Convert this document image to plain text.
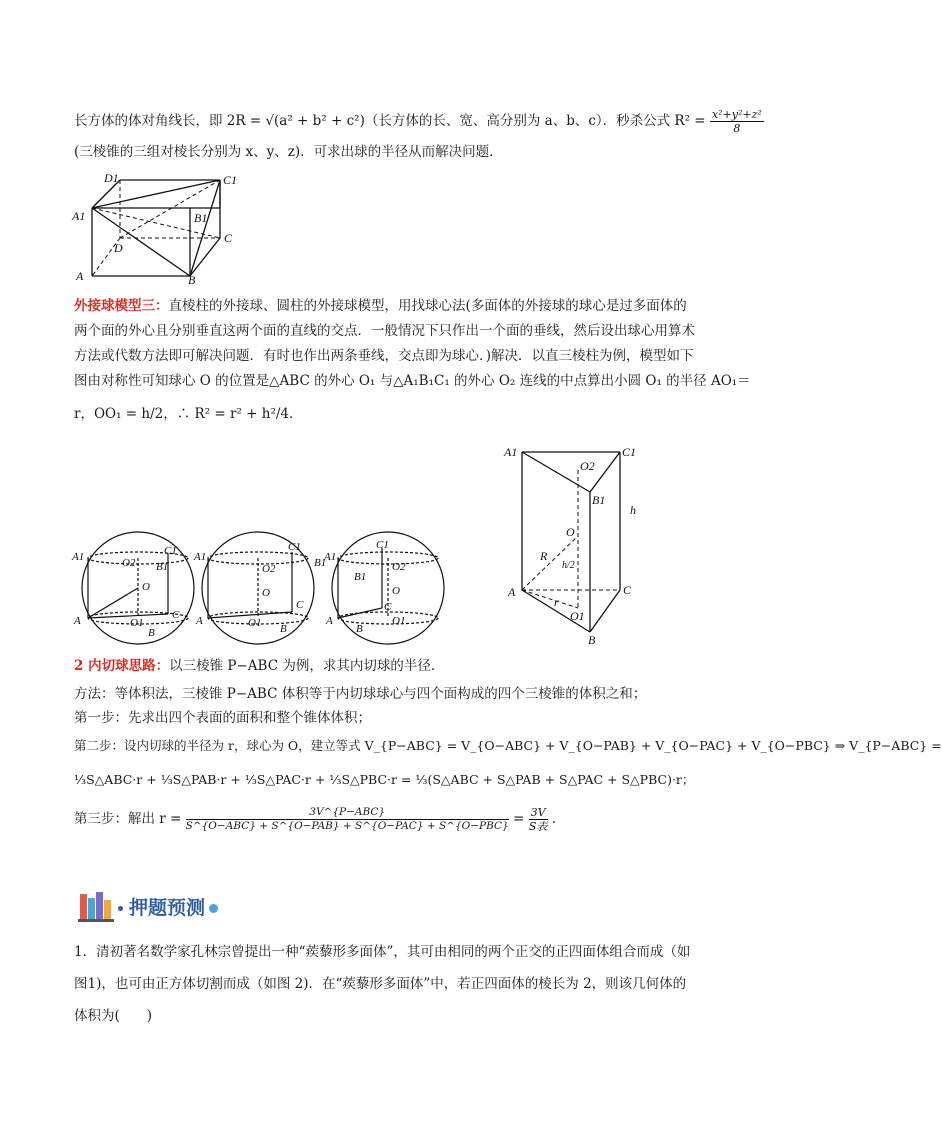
长方体的体对角线长，即 2R = √(a² + b² + c²)（长方体的长、宽、高分别为 a、b、c）．秒杀公式 $R^2 = \frac{\text{x²+y²+z²}}{8}$
(三棱锥的三组对棱长分别为 x、y、z)．可求出球的半径从而解决问题．
D1	C1
A1	B1
C
D
A	B
外接球模型三：直棱柱的外接球、圆柱的外接球模型，用找球心法(多面体的外接球的球心是过多面体的
两个面的外心且分别垂直这两个面的直线的交点．一般情况下只作出一个面的垂线，然后设出球心用算术
方法或代数方法即可解决问题．有时也作出两条垂线，交点即为球心．)解决．以直三棱柱为例，模型如下
图由对称性可知球心 O 的位置是△ABC 的外心 O₁ 与△A₁B₁C₁ 的外心 O₂ 连线的中点算出小圆 O₁ 的半径 AO₁＝
r，OO₁ = h/2，∴ R² = r² + h²/4．
A1	C1
O2
B1
h
O
R
h/2
A
r
C
O1
B
A1	C1
O2 B1
O
A	C
O1
B
A1
C1
B1
O2
O
A
C
O1 B
A1
C1
B1
O2
O
A
C
O1
B
2 内切球思路：以三棱锥 P−ABC 为例，求其内切球的半径．
方法：等体积法，三棱锥 P−ABC 体积等于内切球球心与四个面构成的四个三棱锥的体积之和；
第一步：先求出四个表面的面积和整个锥体体积；
第二步：设内切球的半径为 r，球心为 O，建立等式 V_{P−ABC} = V_{O−ABC} + V_{O−PAB} + V_{O−PAC} + V_{O−PBC} ⇒ V_{P−ABC} =
⅓S△ABC·r + ⅓S△PAB·r + ⅓S△PAC·r + ⅓S△PBC·r = ⅓(S△ABC + S△PAB + S△PAC + S△PBC)·r；
第三步：解出 r =	3V^{P−ABC}
S^{O−ABC} + S^{O−PAB} + S^{O−PAC} + S^{O−PBC} = 3V
S表 .
押题预测
1．清初著名数学家孔林宗曾提出一种“蒺藜形多面体”，其可由相同的两个正交的正四面体组合而成（如
图1)，也可由正方体切割而成（如图 2)．在“蒺藜形多面体”中，若正四面体的棱长为 2，则该几何体的
体积为(　　)
